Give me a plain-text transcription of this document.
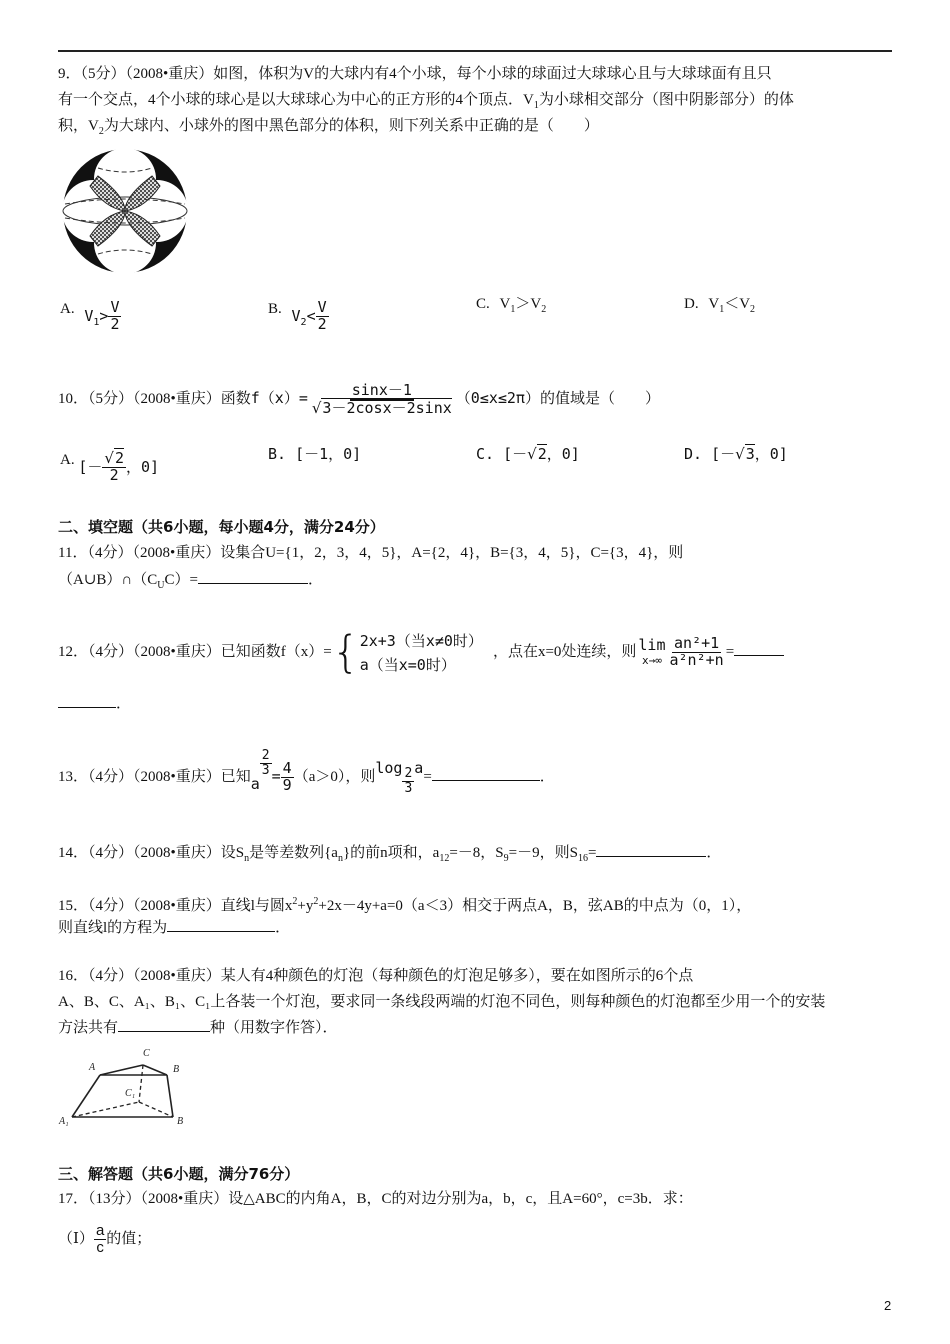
9．（5分）（2008•重庆）如图，体积为V的大球内有4个小球，每个小球的球面过大球球心且与大球球面有且只
有一个交点，4个小球的球心是以大球球心为中心的正方形的4个顶点．$V_1$为小球相交部分（图中阴影部分）的体
积，$V_2$为大球内、小球外的图中黑色部分的体积，则下列关系中正确的是（　　）
A. $V_1> \frac{V}{2}$	B. $V_2< \frac{V}{2}$	C. $V_1>V_2$	D. $V_1<V_2$
10．（5分）（2008•重庆）函数$f(x)= \frac{\sin x-1}{√3-2\cos x-2\sin x} (0\le x\le 2\pi)$的值域是（　　）
A. [－ $\frac{√2}{2}$ ，0]
B. [－1，0]	C. [－√2，0]	D. [－√3，0]
二、填空题（共6小题，每小题4分，满分24分）
11．（4分）（2008•重庆）设集合U={1，2，3，4，5}，A={2，4}，B={3，4，5}，C={3，4}，则
$(A\cup B)\cap(C_UC)=$	．
12．（4分）（2008•重庆）已知函数f（x）={ 2x+3（当x≠0时）
a（当x=0时）
，点在x=0处连续，则 lim
$x\to\infty \frac{\text{an²+1}}{\text{a²n²+n}}$ =
．
13．（4分）（2008•重庆）已知a
$\frac{2}{3} = \frac{4}{9} (a>0)$，则$\log \frac{2}{3} a=$	．
14．（4分）（2008•重庆）设$S_n$是等差数列$\{a_n\}$的前n项和，$a_{12}=-8$，$S_9=-9$，则$S_{16}=$	．
15．（4分）（2008•重庆）直线l与圆$x^2+y^2+2x-4y+a=0(a<3)$相交于两点A，B，弦AB的中点为（0，1），
则直线l的方程为	．
16．（4分）（2008•重庆）某人有4种颜色的灯泡（每种颜色的灯泡足够多），要在如图所示的6个点
A、B、C、A₁、B₁、C₁上各装一个灯泡，要求同一条线段两端的灯泡不同色，则每种颜色的灯泡都至少用一个的安装
方法共有	种（用数字作答）．
C
A	B
C₁
A₁	B
三、解答题（共6小题，满分76分）
17．（13分）（2008•重庆）设△ABC的内角A，B，C的对边分别为a，b，c，且A=60°，c=3b．求：
（Ⅰ） $\frac{a}{c}$ 的值；
2
